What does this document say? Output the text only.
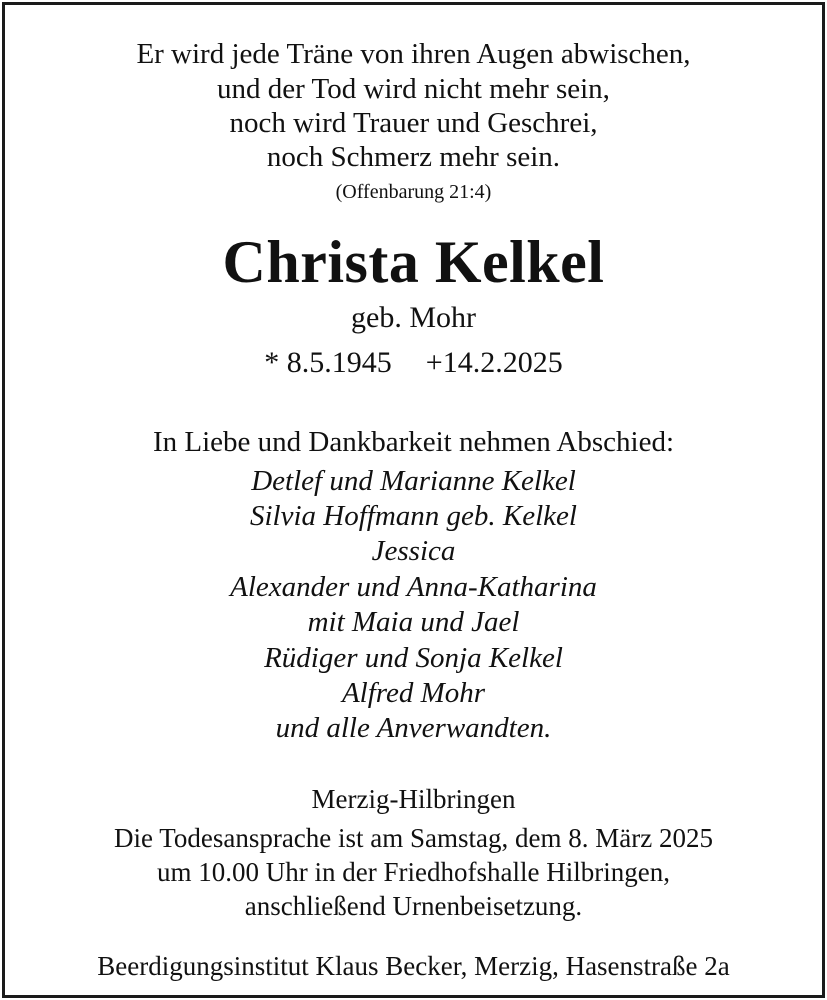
Er wird jede Träne von ihren Augen abwischen,
und der Tod wird nicht mehr sein,
noch wird Trauer und Geschrei,
noch Schmerz mehr sein.
(Offenbarung 21:4)
Christa Kelkel
geb. Mohr
* 8.5.1945 +14.2.2025
In Liebe und Dankbarkeit nehmen Abschied:
Detlef und Marianne Kelkel
Silvia Hoffmann geb. Kelkel
Jessica
Alexander und Anna-Katharina
mit Maia und Jael
Rüdiger und Sonja Kelkel
Alfred Mohr
und alle Anverwandten.
Merzig-Hilbringen
Die Todesansprache ist am Samstag, dem 8. März 2025
um 10.00 Uhr in der Friedhofshalle Hilbringen,
anschließend Urnenbeisetzung.
Beerdigungsinstitut Klaus Becker, Merzig, Hasenstraße 2a
